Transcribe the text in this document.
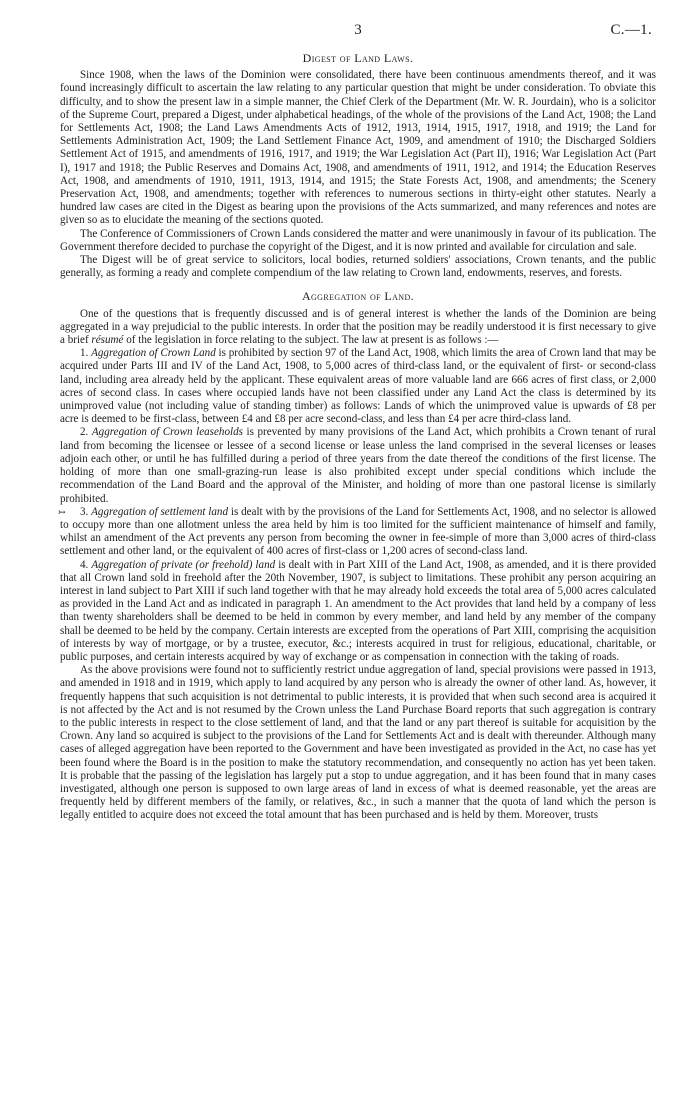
3	C.—1.
Digest of Land Laws.

Since 1908, when the laws of the Dominion were consolidated, there have been continuous amendments thereof, and it was found increasingly difficult to ascertain the law relating to any particular question that might be under consideration. To obviate this difficulty, and to show the present law in a simple manner, the Chief Clerk of the Department (Mr. W. R. Jourdain), who is a solicitor of the Supreme Court, prepared a Digest, under alphabetical headings, of the whole of the provisions of the Land Act, 1908; the Land for Settlements Act, 1908; the Land Laws Amendments Acts of 1912, 1913, 1914, 1915, 1917, 1918, and 1919; the Land for Settlements Administration Act, 1909; the Land Settlement Finance Act, 1909, and amendment of 1910; the Discharged Soldiers Settlement Act of 1915, and amendments of 1916, 1917, and 1919; the War Legislation Act (Part II), 1916; War Legislation Act (Part I), 1917 and 1918; the Public Reserves and Domains Act, 1908, and amendments of 1911, 1912, and 1914; the Education Reserves Act, 1908, and amendments of 1910, 1911, 1913, 1914, and 1915; the State Forests Act, 1908, and amendments; the Scenery Preservation Act, 1908, and amendments; together with references to numerous sections in thirty-eight other statutes. Nearly a hundred law cases are cited in the Digest as bearing upon the provisions of the Acts summarized, and many references and notes are given so as to elucidate the meaning of the sections quoted.

The Conference of Commissioners of Crown Lands considered the matter and were unanimously in favour of its publication. The Government therefore decided to purchase the copyright of the Digest, and it is now printed and available for circulation and sale.

The Digest will be of great service to solicitors, local bodies, returned soldiers' associations, Crown tenants, and the public generally, as forming a ready and complete compendium of the law relating to Crown land, endowments, reserves, and forests.

Aggregation of Land.

One of the questions that is frequently discussed and is of general interest is whether the lands of the Dominion are being aggregated in a way prejudicial to the public interests. In order that the position may be readily understood it is first necessary to give a brief résumé of the legislation in force relating to the subject. The law at present is as follows :—

1. Aggregation of Crown Land is prohibited by section 97 of the Land Act, 1908, which limits the area of Crown land that may be acquired under Parts III and IV of the Land Act, 1908, to 5,000 acres of third-class land, or the equivalent of first- or second-class land, including area already held by the applicant. These equivalent areas of more valuable land are 666 acres of first class, or 2,000 acres of second class. In cases where occupied lands have not been classified under any Land Act the class is determined by its unimproved value (not including value of standing timber) as follows: Lands of which the unimproved value is upwards of £8 per acre is deemed to be first-class, between £4 and £8 per acre second-class, and less than £4 per acre third-class land.

2. Aggregation of Crown leaseholds is prevented by many provisions of the Land Act, which prohibits a Crown tenant of rural land from becoming the licensee or lessee of a second license or lease unless the land comprised in the several licenses or leases adjoin each other, or until he has fulfilled during a period of three years from the date thereof the conditions of the first license. The holding of more than one small-grazing-run lease is also prohibited except under special conditions which include the recommendation of the Land Board and the approval of the Minister, and holding of more than one pastoral license is similarly prohibited.

↣ 3. Aggregation of settlement land is dealt with by the provisions of the Land for Settlements Act, 1908, and no selector is allowed to occupy more than one allotment unless the area held by him is too limited for the sufficient maintenance of himself and family, whilst an amendment of the Act prevents any person from becoming the owner in fee-simple of more than 3,000 acres of third-class settlement and other land, or the equivalent of 400 acres of first-class or 1,200 acres of second-class land.

4. Aggregation of private (or freehold) land is dealt with in Part XIII of the Land Act, 1908, as amended, and it is there provided that all Crown land sold in freehold after the 20th November, 1907, is subject to limitations. These prohibit any person acquiring an interest in land subject to Part XIII if such land together with that he may already hold exceeds the total area of 5,000 acres calculated as provided in the Land Act and as indicated in paragraph 1. An amendment to the Act provides that land held by a company of less than twenty shareholders shall be deemed to be held in common by every member, and land held by any member of the company shall be deemed to be held by the company. Certain interests are excepted from the operations of Part XIII, comprising the acquisition of interests by way of mortgage, or by a trustee, executor, &c.; interests acquired in trust for religious, educational, charitable, or public purposes, and certain interests acquired by way of exchange or as compensation in connection with the taking of roads.

As the above provisions were found not to sufficiently restrict undue aggregation of land, special provisions were passed in 1913, and amended in 1918 and in 1919, which apply to land acquired by any person who is already the owner of other land. As, however, it frequently happens that such acquisition is not detrimental to public interests, it is provided that when such second area is acquired it is not affected by the Act and is not resumed by the Crown unless the Land Purchase Board reports that such aggregation is contrary to the public interests in respect to the close settlement of land, and that the land or any part thereof is suitable for acquisition by the Crown. Any land so acquired is subject to the provisions of the Land for Settlements Act and is dealt with thereunder. Although many cases of alleged aggregation have been reported to the Government and have been investigated as provided in the Act, no case has yet been found where the Board is in the position to make the statutory recommendation, and consequently no action has yet been taken. It is probable that the passing of the legislation has largely put a stop to undue aggregation, and it has been found that in many cases investigated, although one person is supposed to own large areas of land in excess of what is deemed reasonable, yet the areas are frequently held by different members of the family, or relatives, &c., in such a manner that the quota of land which the person is legally entitled to acquire does not exceed the total amount that has been purchased and is held by them. Moreover, trusts
